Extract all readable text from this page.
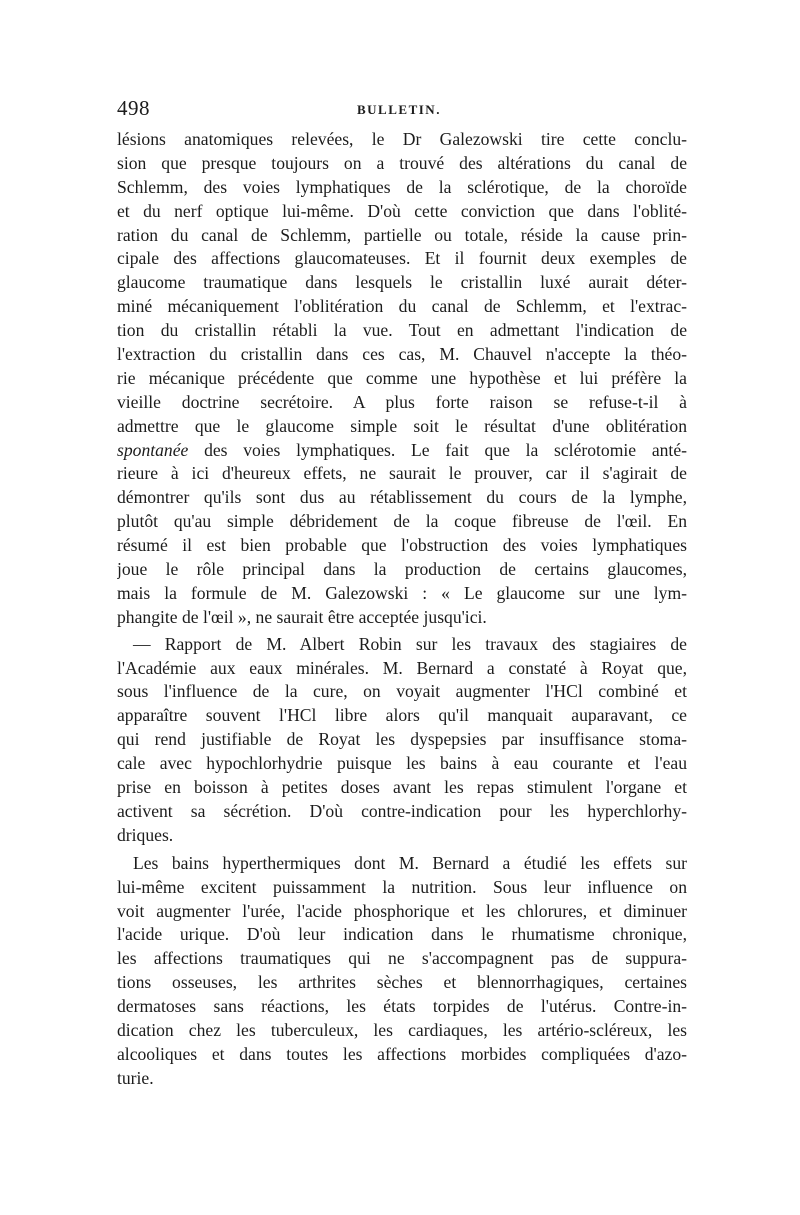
498	BULLETIN.
lésions anatomiques relevées, le Dr Galezowski tire cette conclu-
sion que presque toujours on a trouvé des altérations du canal de
Schlemm, des voies lymphatiques de la sclérotique, de la choroïde
et du nerf optique lui-même. D'où cette conviction que dans l'oblité-
ration du canal de Schlemm, partielle ou totale, réside la cause prin-
cipale des affections glaucomateuses. Et il fournit deux exemples de
glaucome traumatique dans lesquels le cristallin luxé aurait déter-
miné mécaniquement l'oblitération du canal de Schlemm, et l'extrac-
tion du cristallin rétabli la vue. Tout en admettant l'indication de
l'extraction du cristallin dans ces cas, M. Chauvel n'accepte la théo-
rie mécanique précédente que comme une hypothèse et lui préfère la
vieille doctrine secrétoire. A plus forte raison se refuse-t-il à
admettre que le glaucome simple soit le résultat d'une oblitération
spontanée des voies lymphatiques. Le fait que la sclérotomie anté-
rieure à ici d'heureux effets, ne saurait le prouver, car il s'agirait de
démontrer qu'ils sont dus au rétablissement du cours de la lymphe,
plutôt qu'au simple débridement de la coque fibreuse de l'œil. En
résumé il est bien probable que l'obstruction des voies lymphatiques
joue le rôle principal dans la production de certains glaucomes,
mais la formule de M. Galezowski : « Le glaucome sur une lym-
phangite de l'œil », ne saurait être acceptée jusqu'ici.
— Rapport de M. Albert Robin sur les travaux des stagiaires de
l'Académie aux eaux minérales. M. Bernard a constaté à Royat que,
sous l'influence de la cure, on voyait augmenter l'HCl combiné et
apparaître souvent l'HCl libre alors qu'il manquait auparavant, ce
qui rend justifiable de Royat les dyspepsies par insuffisance stoma-
cale avec hypochlorhydrie puisque les bains à eau courante et l'eau
prise en boisson à petites doses avant les repas stimulent l'organe et
activent sa sécrétion. D'où contre-indication pour les hyperchlorhy-
driques.
Les bains hyperthermiques dont M. Bernard a étudié les effets sur
lui-même excitent puissamment la nutrition. Sous leur influence on
voit augmenter l'urée, l'acide phosphorique et les chlorures, et diminuer
l'acide urique. D'où leur indication dans le rhumatisme chronique,
les affections traumatiques qui ne s'accompagnent pas de suppura-
tions osseuses, les arthrites sèches et blennorrhagiques, certaines
dermatoses sans réactions, les états torpides de l'utérus. Contre-in-
dication chez les tuberculeux, les cardiaques, les artério-scléreux, les
alcooliques et dans toutes les affections morbides compliquées d'azo-
turie.
